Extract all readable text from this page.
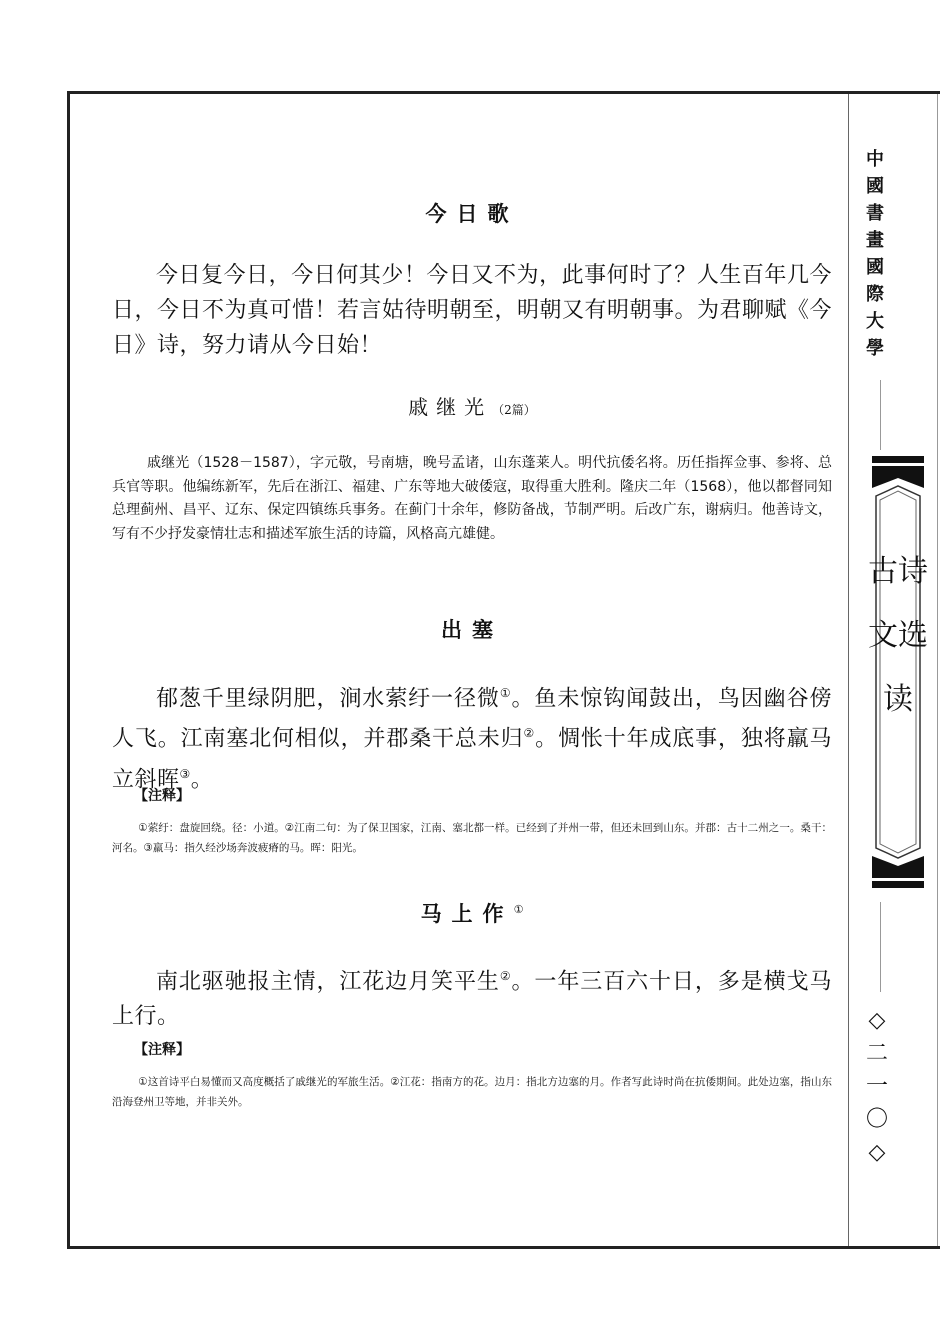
今日歌
今日复今日，今日何其少！今日又不为，此事何时了？人生百年几今日，今日不为真可惜！若言姑待明朝至，明朝又有明朝事。为君聊赋《今日》诗，努力请从今日始！
戚继光（2篇）
戚继光（1528－1587），字元敬，号南塘，晚号孟诸，山东蓬莱人。明代抗倭名将。历任指挥佥事、参将、总兵官等职。他编练新军，先后在浙江、福建、广东等地大破倭寇，取得重大胜利。隆庆二年（1568），他以都督同知总理蓟州、昌平、辽东、保定四镇练兵事务。在蓟门十余年，修防备战，节制严明。后改广东，谢病归。他善诗文，写有不少抒发豪情壮志和描述军旅生活的诗篇，风格高亢雄健。
出塞
郁葱千里绿阴肥，涧水萦纡一径微①。鱼未惊钩闻鼓出，鸟因幽谷傍人飞。江南塞北何相似，并郡桑干总未归②。惆怅十年成底事，独将羸马立斜晖③。
【注释】
①萦纡：盘旋回绕。径：小道。②江南二句：为了保卫国家，江南、塞北都一样。已经到了并州一带，但还未回到山东。并郡：古十二州之一。桑干：河名。③羸马：指久经沙场奔波疲瘠的马。晖：阳光。
马上作①
南北驱驰报主情，江花边月笑平生②。一年三百六十日，多是横戈马上行。
【注释】
①这首诗平白易懂而又高度概括了戚继光的军旅生活。②江花：指南方的花。边月：指北方边塞的月。作者写此诗时尚在抗倭期间。此处边塞，指山东沿海登州卫等地，并非关外。
中國書畫國際大學
古诗文选读
◇二一〇◇
